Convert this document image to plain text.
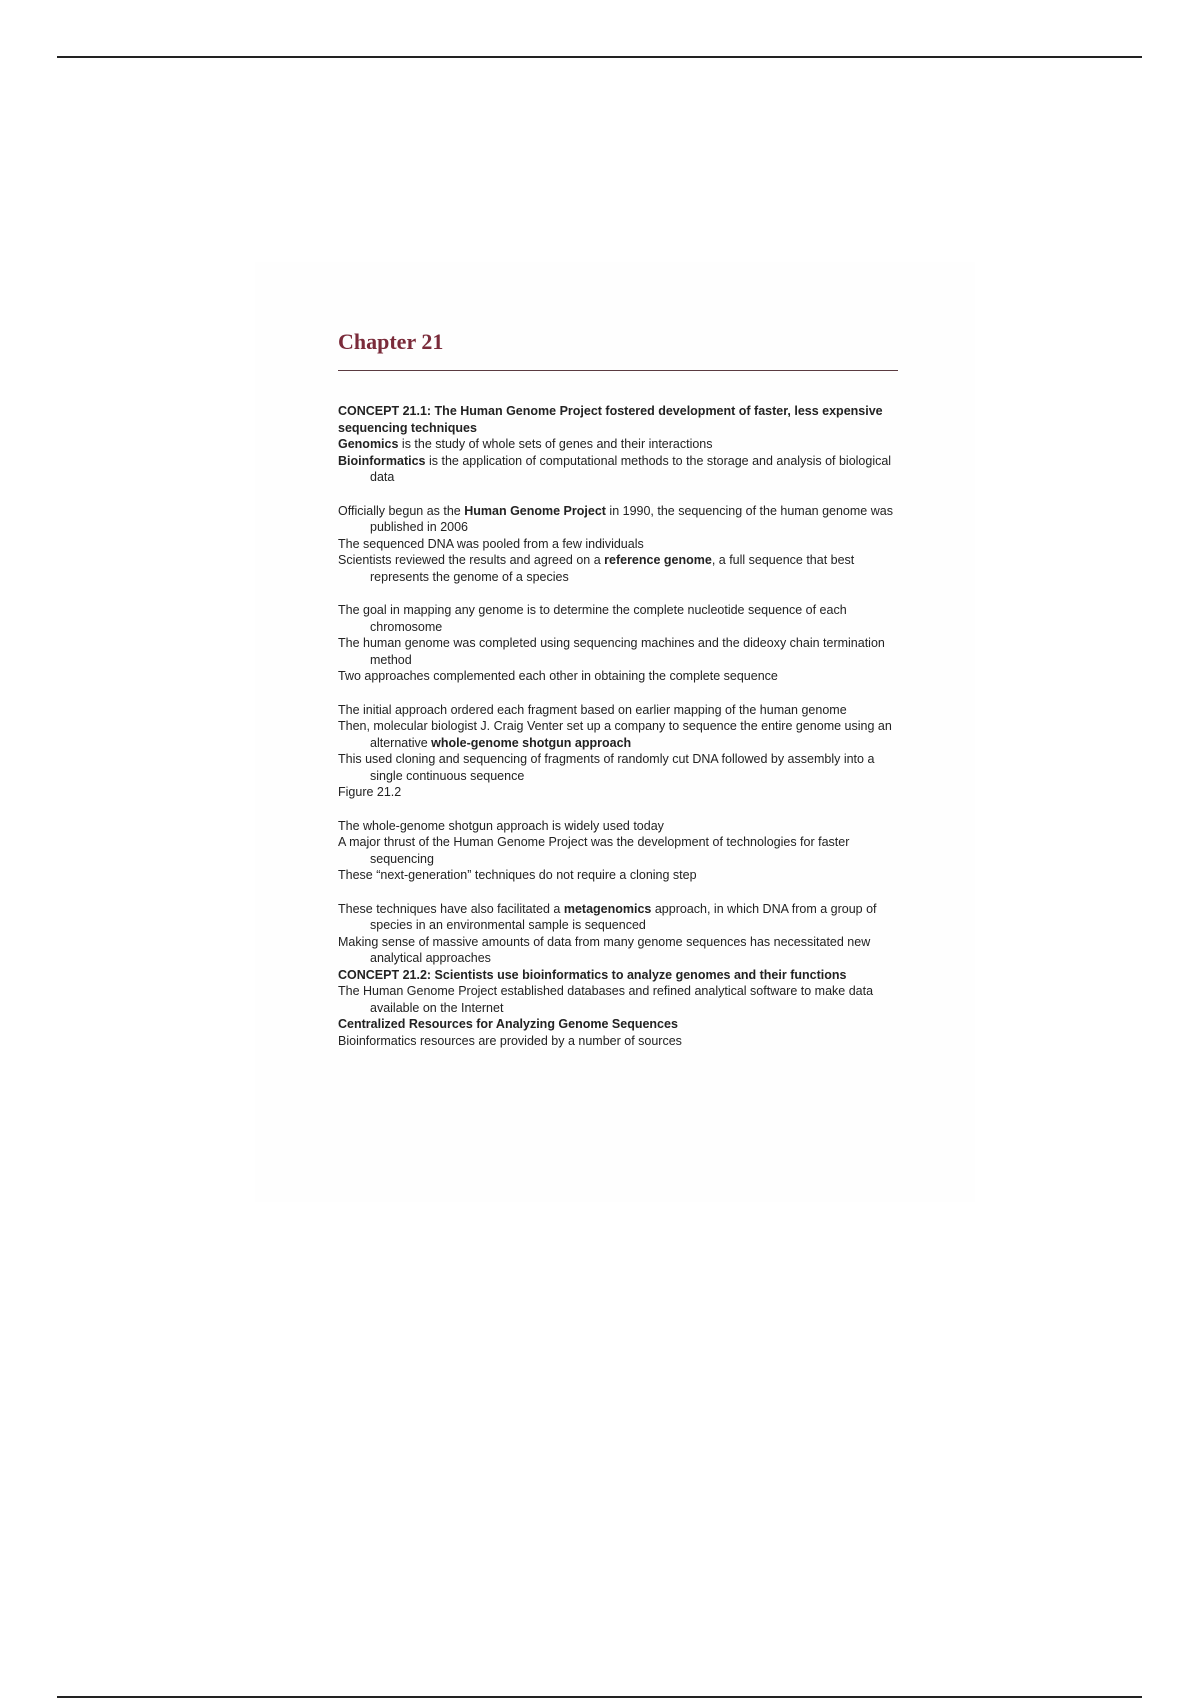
Chapter 21

CONCEPT 21.1: The Human Genome Project fostered development of faster, less expensive sequencing techniques

Genomics is the study of whole sets of genes and their interactions

Bioinformatics is the application of computational methods to the storage and analysis of biological data

Officially begun as the Human Genome Project in 1990, the sequencing of the human genome was published in 2006

The sequenced DNA was pooled from a few individuals

Scientists reviewed the results and agreed on a reference genome, a full sequence that best represents the genome of a species

The goal in mapping any genome is to determine the complete nucleotide sequence of each chromosome

The human genome was completed using sequencing machines and the dideoxy chain termination method

Two approaches complemented each other in obtaining the complete sequence

The initial approach ordered each fragment based on earlier mapping of the human genome

Then, molecular biologist J. Craig Venter set up a company to sequence the entire genome using an alternative whole-genome shotgun approach

This used cloning and sequencing of fragments of randomly cut DNA followed by assembly into a single continuous sequence

Figure 21.2

The whole-genome shotgun approach is widely used today

A major thrust of the Human Genome Project was the development of technologies for faster sequencing

These “next-generation” techniques do not require a cloning step

These techniques have also facilitated a metagenomics approach, in which DNA from a group of species in an environmental sample is sequenced

Making sense of massive amounts of data from many genome sequences has necessitated new analytical approaches

CONCEPT 21.2: Scientists use bioinformatics to analyze genomes and their functions

The Human Genome Project established databases and refined analytical software to make data available on the Internet

Centralized Resources for Analyzing Genome Sequences

Bioinformatics resources are provided by a number of sources
